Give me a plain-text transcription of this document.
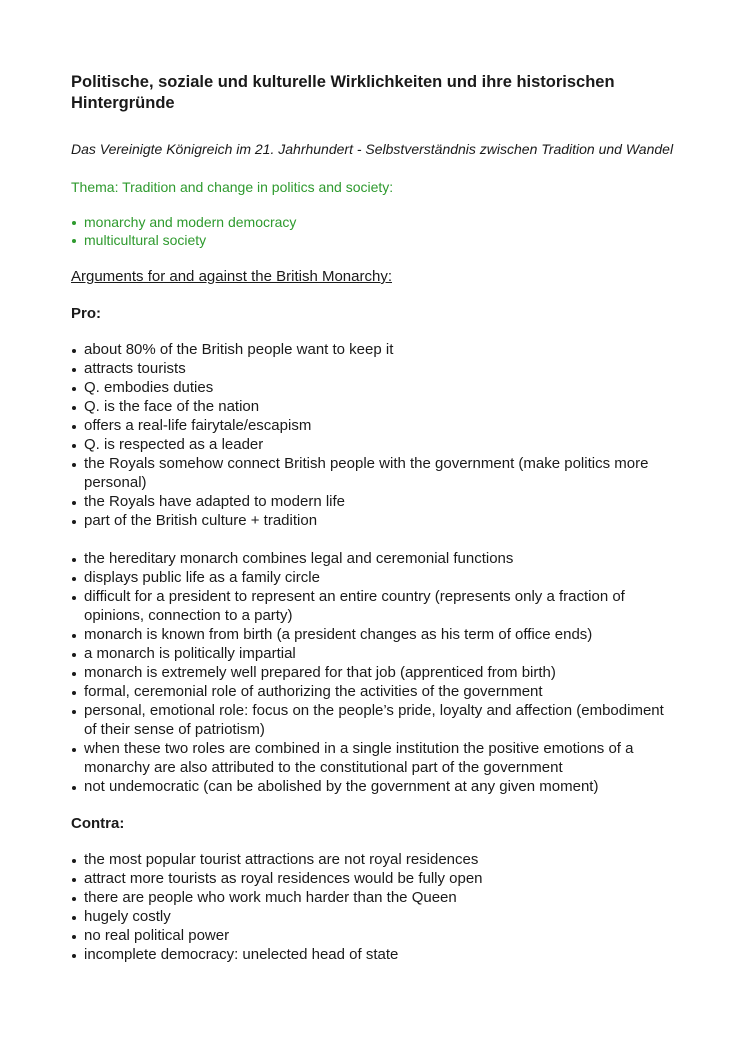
Politische, soziale und kulturelle Wirklichkeiten und ihre historischen Hintergründe

Das Vereinigte Königreich im 21. Jahrhundert - Selbstverständnis zwischen Tradition und Wandel

Thema: Tradition and change in politics and society:

monarchy and modern democracy
multicultural society

Arguments for and against the British Monarchy:

Pro:

about 80% of the British people want to keep it
attracts tourists
Q. embodies duties
Q. is the face of the nation
offers a real-life fairytale/escapism
Q. is respected as a leader
the Royals somehow connect British people with the government (make politics more personal)
the Royals have adapted to modern life
part of the British culture + tradition
the hereditary monarch combines legal and ceremonial functions
displays public life as a family circle
difficult for a president to represent an entire country (represents only a fraction of opinions, connection to a party)
monarch is known from birth (a president changes as his term of office ends)
a monarch is politically impartial
monarch is extremely well prepared for that job (apprenticed from birth)
formal, ceremonial role of authorizing the activities of the government
personal, emotional role: focus on the people’s pride, loyalty and affection (embodiment of their sense of patriotism)
when these two roles are combined in a single institution the positive emotions of a monarchy are also attributed to the constitutional part of the government
not undemocratic (can be abolished by the government at any given moment)

Contra:

the most popular tourist attractions are not royal residences
attract more tourists as royal residences would be fully open
there are people who work much harder than the Queen
hugely costly
no real political power
incomplete democracy: unelected head of state
